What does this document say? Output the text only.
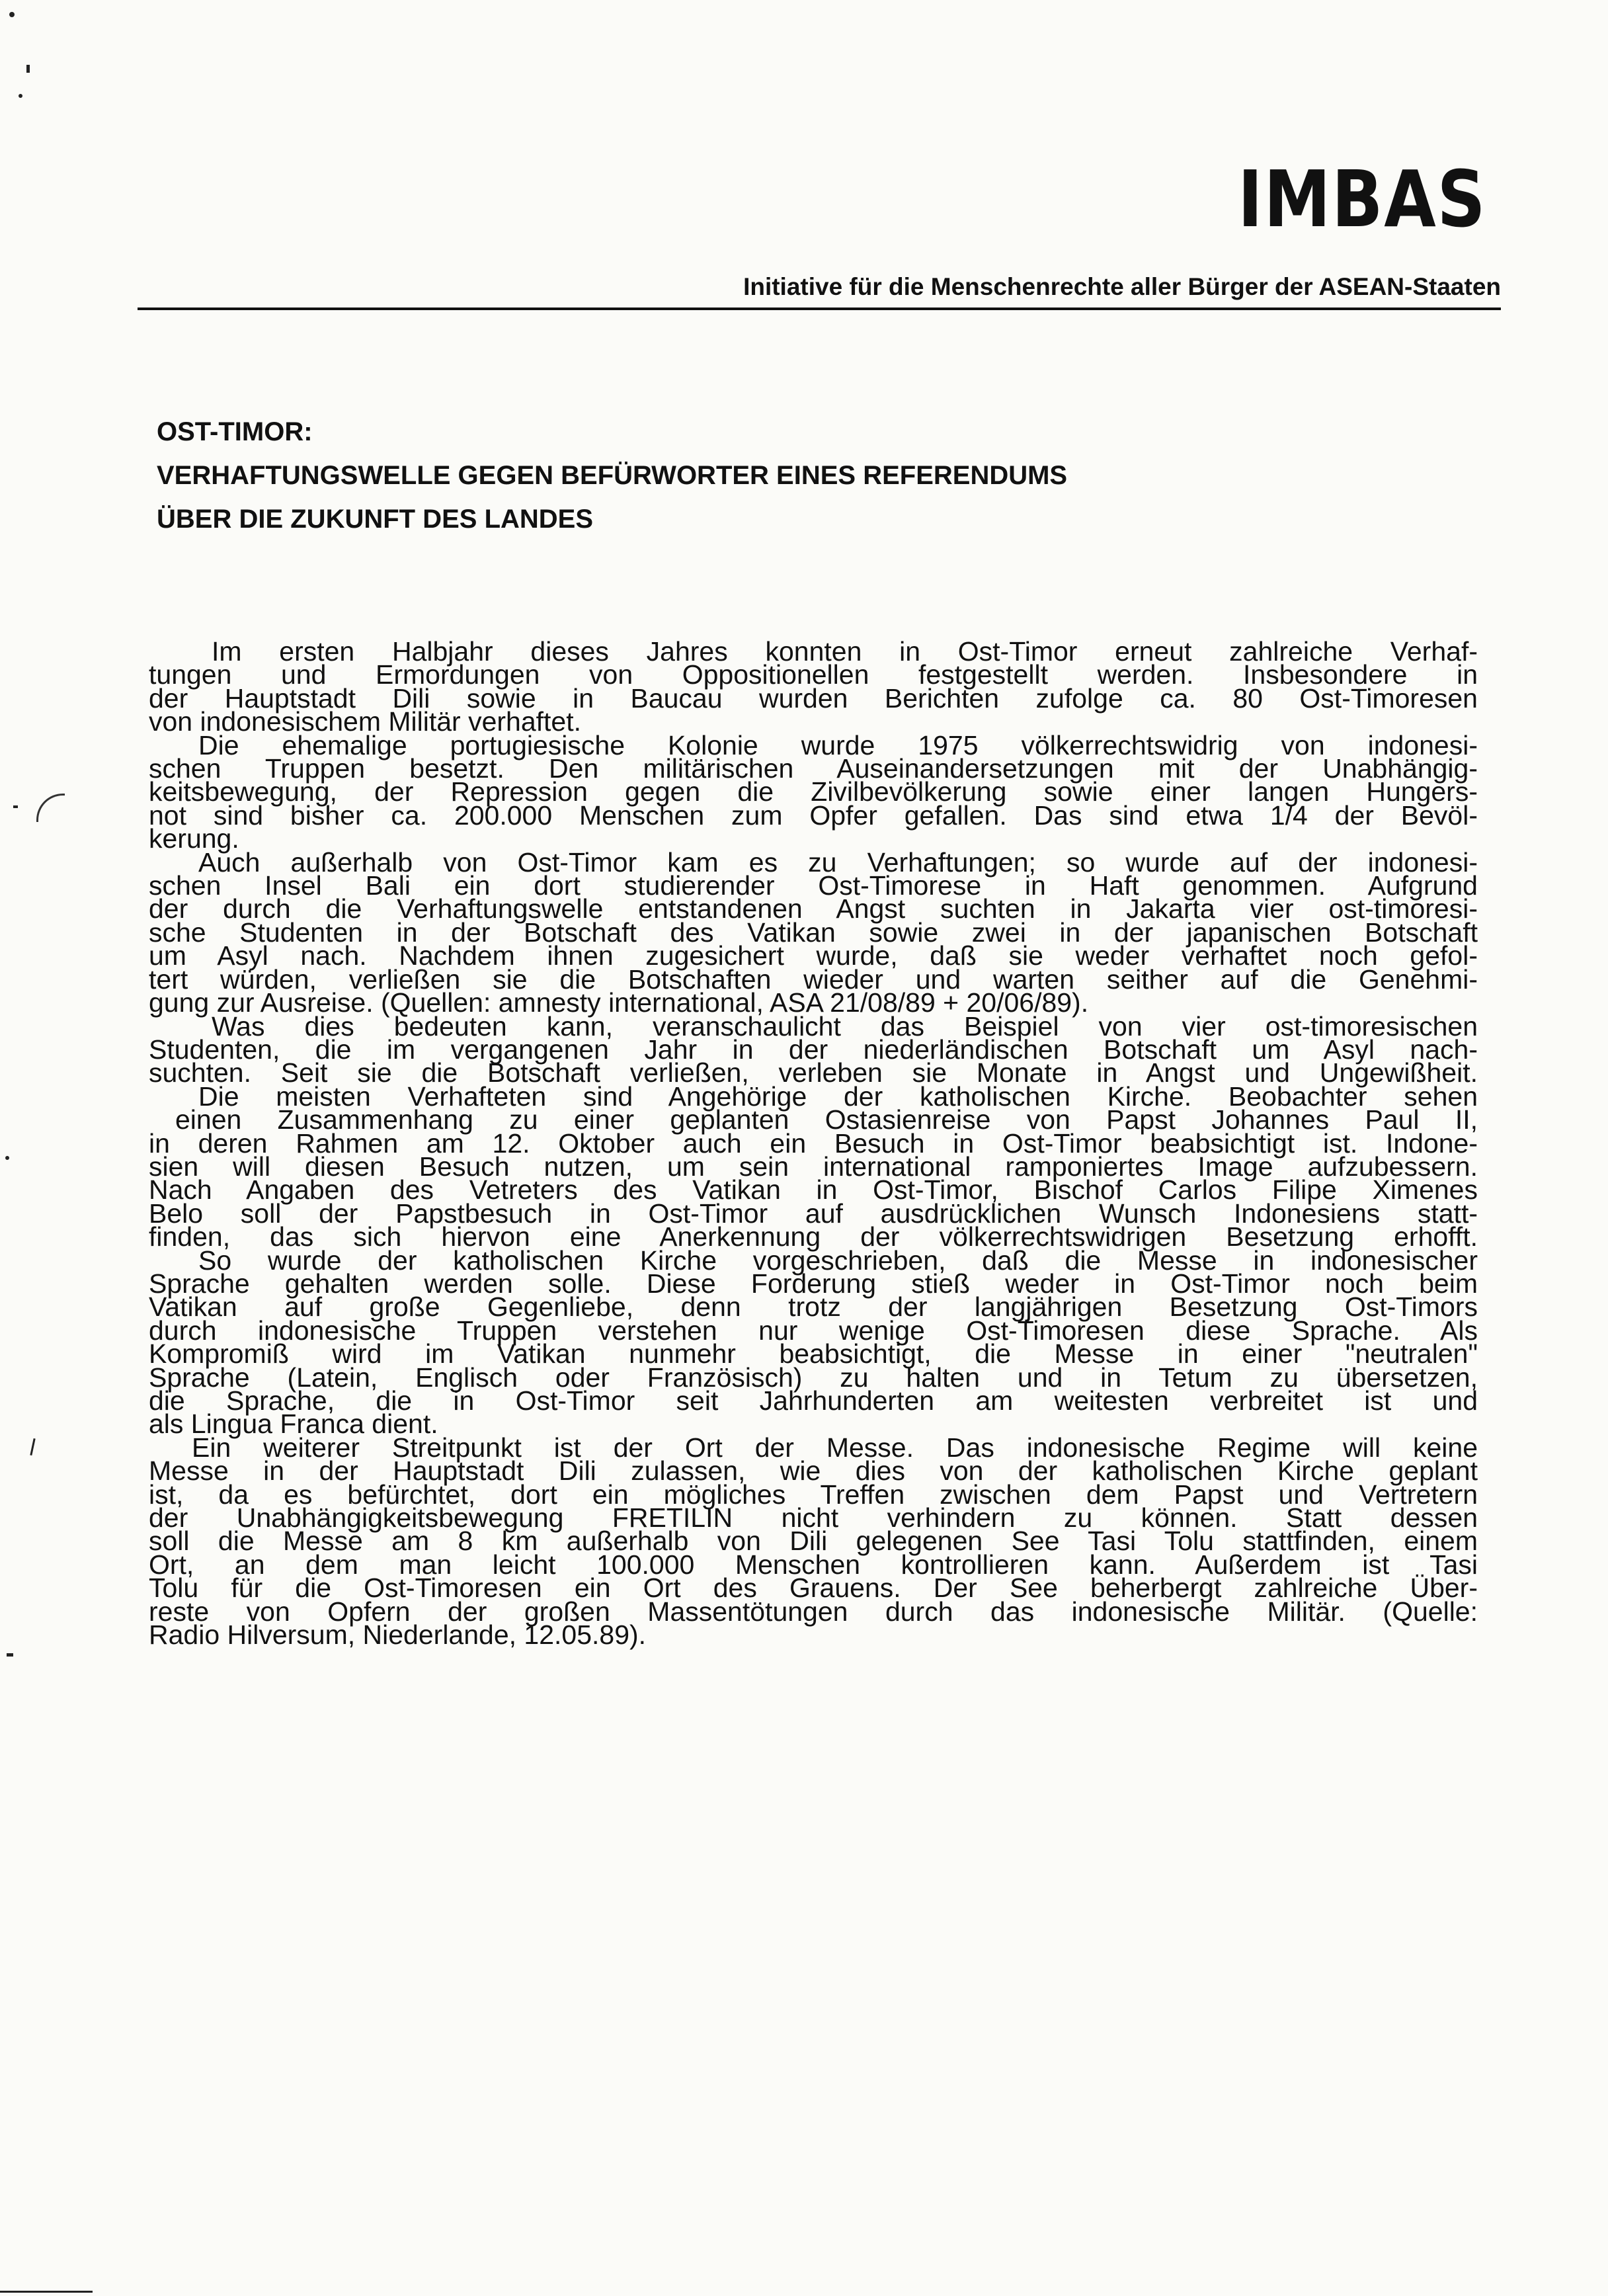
IMBAS
Initiative für die Menschenrechte aller Bürger der ASEAN-Staaten
OST-TIMOR:
VERHAFTUNGSWELLE GEGEN BEFÜRWORTER EINES REFERENDUMS
ÜBER DIE ZUKUNFT DES LANDES
Im ersten Halbjahr dieses Jahres konnten in Ost-Timor erneut zahlreiche Verhaf-
tungen und Ermordungen von Oppositionellen festgestellt werden. Insbesondere in
der Hauptstadt Dili sowie in Baucau wurden Berichten zufolge ca. 80 Ost-Timoresen
von indonesischem Militär verhaftet.
Die ehemalige portugiesische Kolonie wurde 1975 völkerrechtswidrig von indonesi-
schen Truppen besetzt. Den militärischen Auseinandersetzungen mit der Unabhängig-
keitsbewegung, der Repression gegen die Zivilbevölkerung sowie einer langen Hungers-
not sind bisher ca. 200.000 Menschen zum Opfer gefallen. Das sind etwa 1/4 der Bevöl-
kerung.
Auch außerhalb von Ost-Timor kam es zu Verhaftungen; so wurde auf der indonesi-
schen Insel Bali ein dort studierender Ost-Timorese in Haft genommen. Aufgrund
der durch die Verhaftungswelle entstandenen Angst suchten in Jakarta vier ost-timoresi-
sche Studenten in der Botschaft des Vatikan sowie zwei in der japanischen Botschaft
um Asyl nach. Nachdem ihnen zugesichert wurde, daß sie weder verhaftet noch gefol-
tert würden, verließen sie die Botschaften wieder und warten seither auf die Genehmi-
gung zur Ausreise. (Quellen: amnesty international, ASA 21/08/89 + 20/06/89).
Was dies bedeuten kann, veranschaulicht das Beispiel von vier ost-timoresischen
Studenten, die im vergangenen Jahr in der niederländischen Botschaft um Asyl nach-
suchten. Seit sie die Botschaft verließen, verleben sie Monate in Angst und Ungewißheit.
Die meisten Verhafteten sind Angehörige der katholischen Kirche. Beobachter sehen
einen Zusammenhang zu einer geplanten Ostasienreise von Papst Johannes Paul II,
in deren Rahmen am 12. Oktober auch ein Besuch in Ost-Timor beabsichtigt ist. Indone-
sien will diesen Besuch nutzen, um sein international ramponiertes Image aufzubessern.
Nach Angaben des Vetreters des Vatikan in Ost-Timor, Bischof Carlos Filipe Ximenes
Belo soll der Papstbesuch in Ost-Timor auf ausdrücklichen Wunsch Indonesiens statt-
finden, das sich hiervon eine Anerkennung der völkerrechtswidrigen Besetzung erhofft.
So wurde der katholischen Kirche vorgeschrieben, daß die Messe in indonesischer
Sprache gehalten werden solle. Diese Forderung stieß weder in Ost-Timor noch beim
Vatikan auf große Gegenliebe, denn trotz der langjährigen Besetzung Ost-Timors
durch indonesische Truppen verstehen nur wenige Ost-Timoresen diese Sprache. Als
Kompromiß wird im Vatikan nunmehr beabsichtigt, die Messe in einer "neutralen"
Sprache (Latein, Englisch oder Französisch) zu halten und in Tetum zu übersetzen,
die Sprache, die in Ost-Timor seit Jahrhunderten am weitesten verbreitet ist und
als Lingua Franca dient.
Ein weiterer Streitpunkt ist der Ort der Messe. Das indonesische Regime will keine
Messe in der Hauptstadt Dili zulassen, wie dies von der katholischen Kirche geplant
ist, da es befürchtet, dort ein mögliches Treffen zwischen dem Papst und Vertretern
der Unabhängigkeitsbewegung FRETILIN nicht verhindern zu können. Statt dessen
soll die Messe am 8 km außerhalb von Dili gelegenen See Tasi Tolu stattfinden, einem
Ort, an dem man leicht 100.000 Menschen kontrollieren kann. Außerdem ist Tasi
Tolu für die Ost-Timoresen ein Ort des Grauens. Der See beherbergt zahlreiche Über-
reste von Opfern der großen Massentötungen durch das indonesische Militär. (Quelle:
Radio Hilversum, Niederlande, 12.05.89).
